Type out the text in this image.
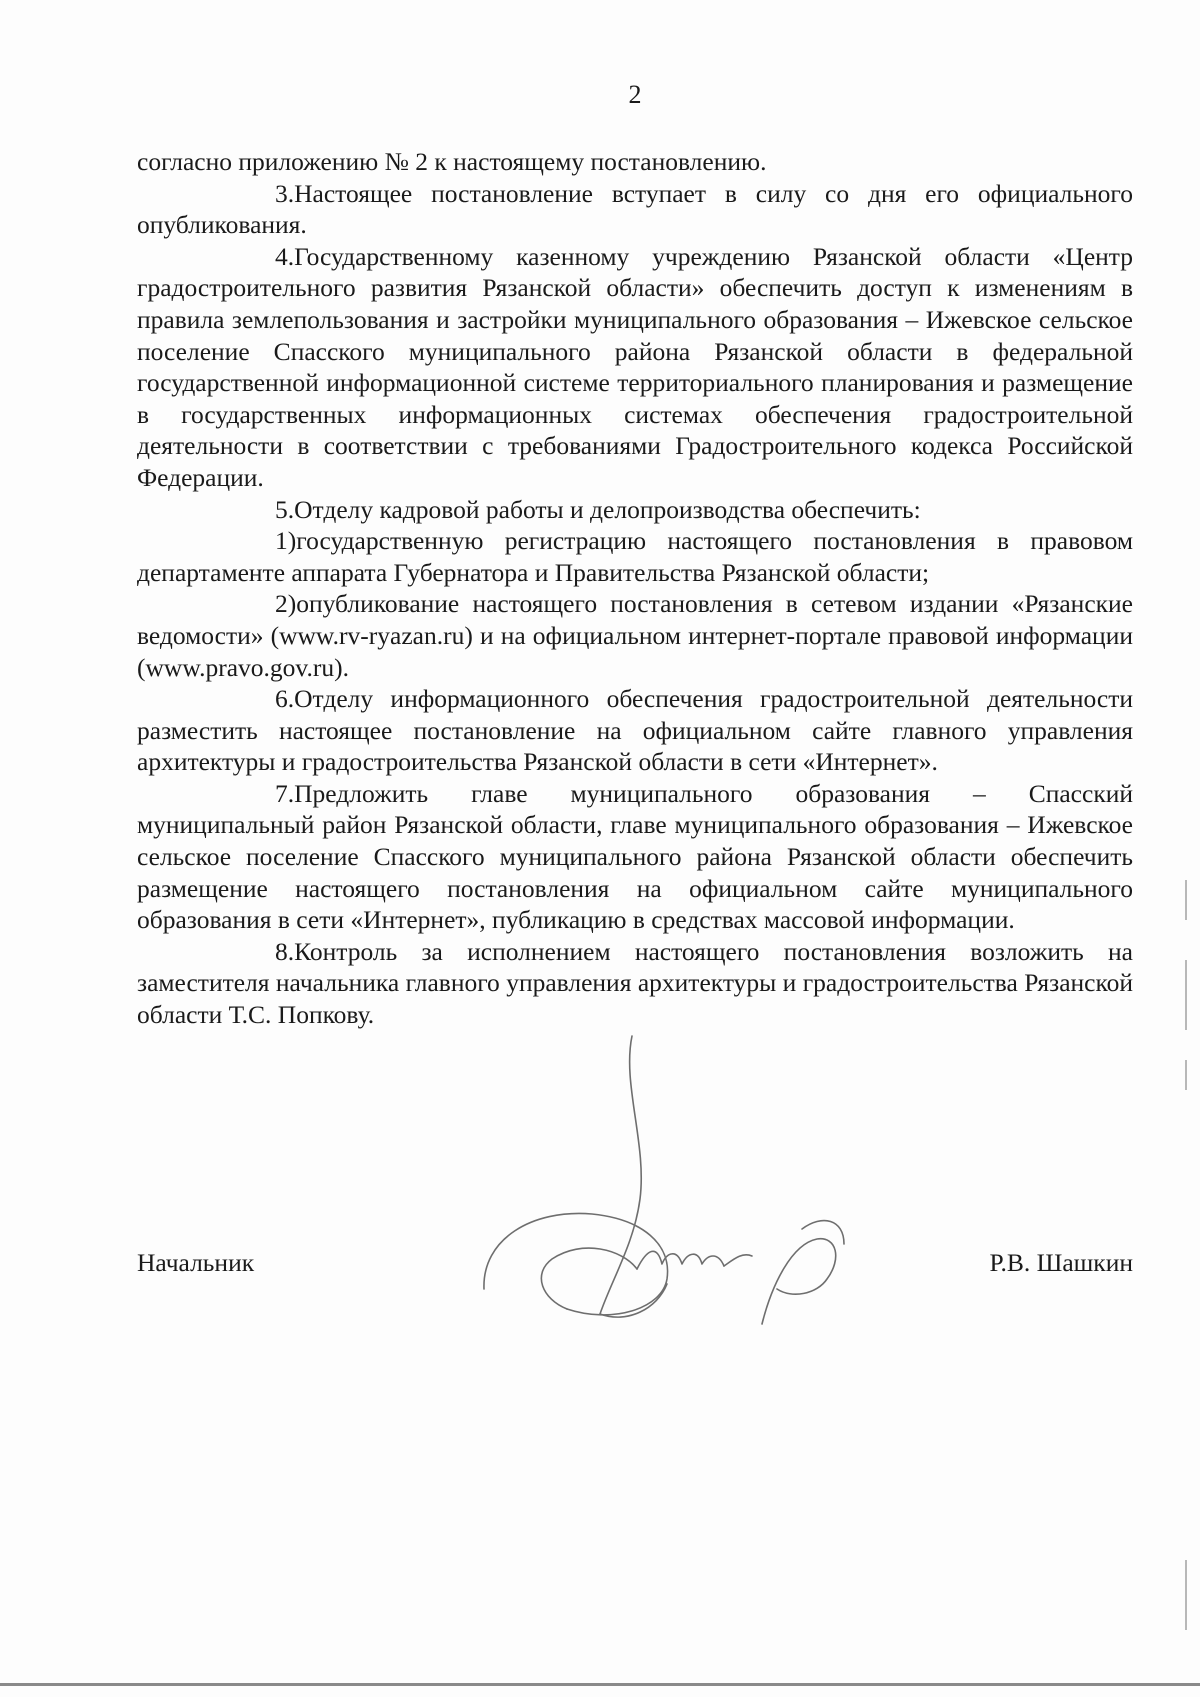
2

согласно приложению № 2 к настоящему постановлению.

3.Настоящее постановление вступает в силу со дня его официального опубликования.

4.Государственному казенному учреждению Рязанской области «Центр градостроительного развития Рязанской области» обеспечить доступ к изменениям в правила землепользования и застройки муниципального образования – Ижевское сельское поселение Спасского муниципального района Рязанской области в федеральной государственной информационной системе территориального планирования и размещение в государственных информационных системах обеспечения градостроительной деятельности в соответствии с требованиями Градостроительного кодекса Российской Федерации.

5.Отделу кадровой работы и делопроизводства обеспечить:

1)государственную регистрацию настоящего постановления в правовом департаменте аппарата Губернатора и Правительства Рязанской области;

2)опубликование настоящего постановления в сетевом издании «Рязанские ведомости» (www.rv-ryazan.ru) и на официальном интернет-портале правовой информации (www.pravo.gov.ru).

6.Отделу информационного обеспечения градостроительной деятельности разместить настоящее постановление на официальном сайте главного управления архитектуры и градостроительства Рязанской области в сети «Интернет».

7.Предложить главе муниципального образования – Спасский муниципальный район Рязанской области, главе муниципального образования – Ижевское сельское поселение Спасского муниципального района Рязанской области обеспечить размещение настоящего постановления на официальном сайте муниципального образования в сети «Интернет», публикацию в средствах массовой информации.

8.Контроль за исполнением настоящего постановления возложить на заместителя начальника главного управления архитектуры и градостроительства Рязанской области Т.С. Попкову.

Начальник	Р.В. Шашкин
